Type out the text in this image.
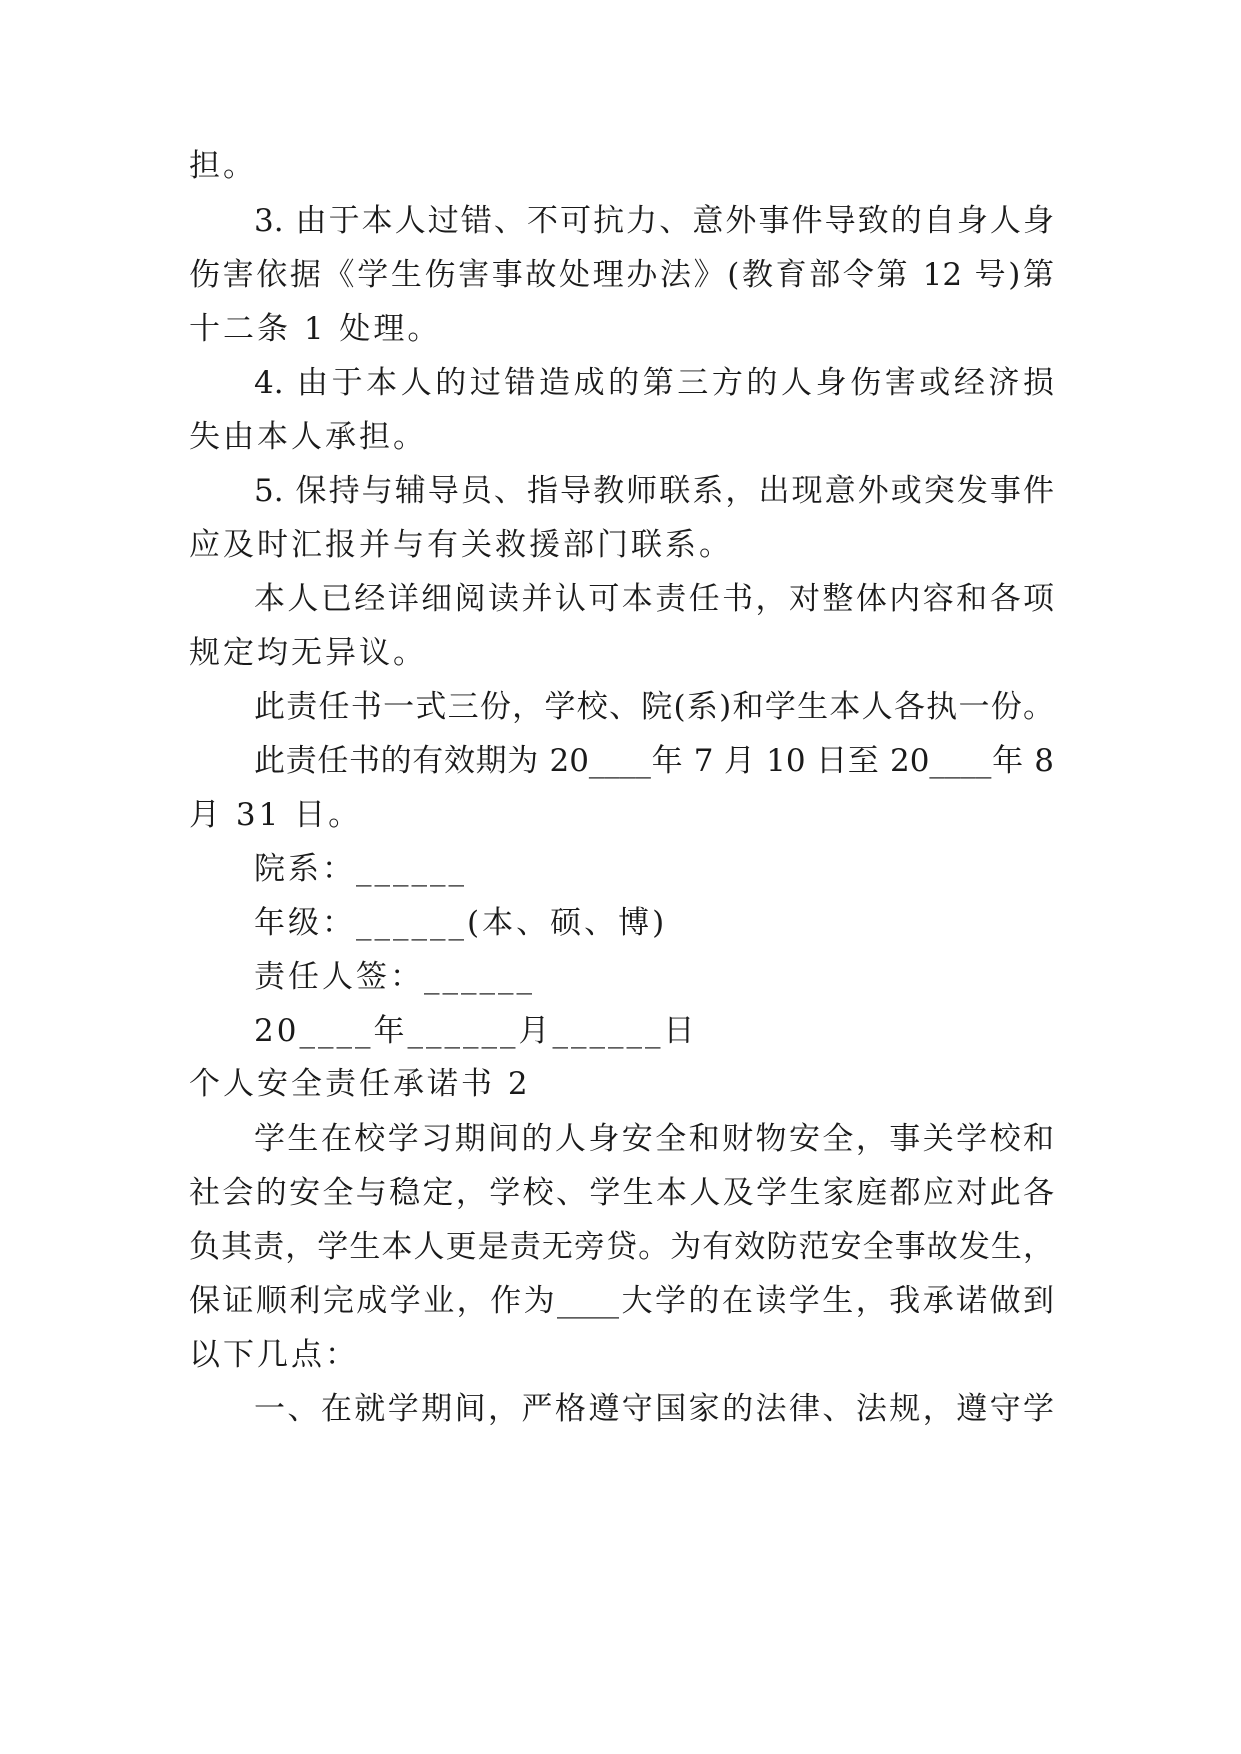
担。
3. 由于本人过错、不可抗力、意外事件导致的自身人身
伤害依据《学生伤害事故处理办法》(教育部令第 12 号)第
十二条 1 处理。
4. 由于本人的过错造成的第三方的人身伤害或经济损
失由本人承担。
5. 保持与辅导员、指导教师联系，出现意外或突发事件
应及时汇报并与有关救援部门联系。
本人已经详细阅读并认可本责任书，对整体内容和各项
规定均无异议。
此责任书一式三份，学校、院(系)和学生本人各执一份。
此责任书的有效期为 20____年 7 月 10 日至 20____年 8
月 31 日。
院系：______
年级：______(本、硕、博)
责任人签：______
20____年______月______日
个人安全责任承诺书 2
学生在校学习期间的人身安全和财物安全，事关学校和
社会的安全与稳定，学校、学生本人及学生家庭都应对此各
负其责，学生本人更是责无旁贷。为有效防范安全事故发生，
保证顺利完成学业，作为____大学的在读学生，我承诺做到
以下几点：
一、在就学期间，严格遵守国家的法律、法规，遵守学
